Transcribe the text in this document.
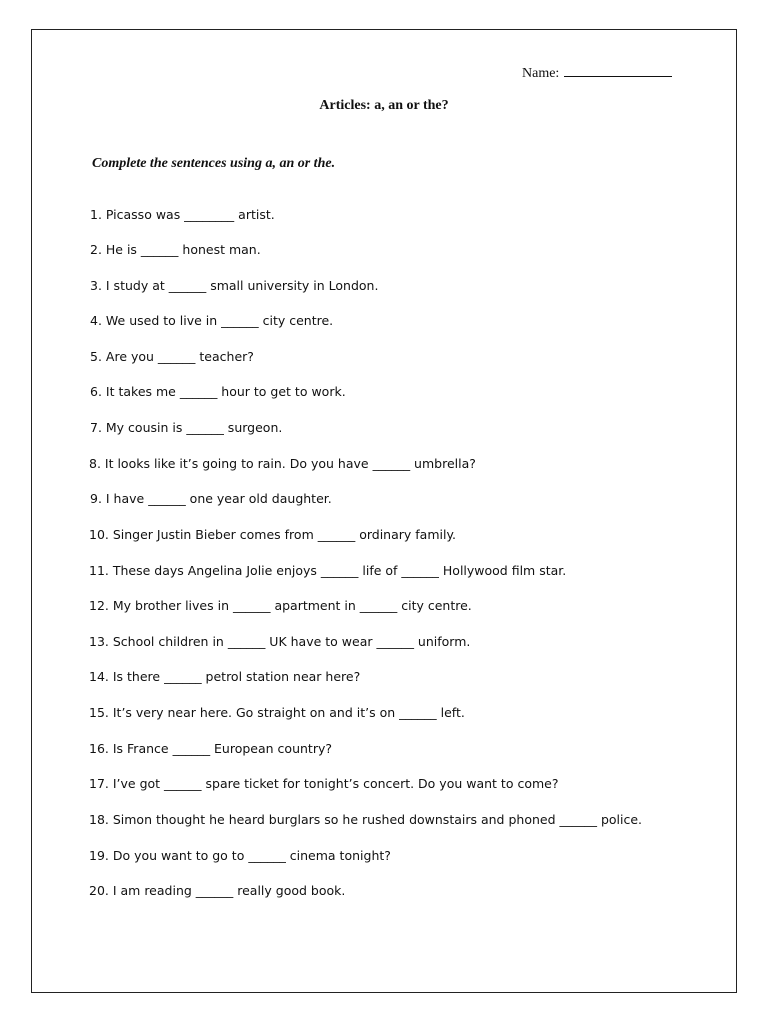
Name:
Articles: a, an or the?
Complete the sentences using a, an or the.
1. Picasso was ________ artist.
2. He is ______ honest man.
3. I study at ______ small university in London.
4. We used to live in ______ city centre.
5. Are you ______ teacher?
6. It takes me ______ hour to get to work.
7. My cousin is ______ surgeon.
8. It looks like it’s going to rain. Do you have ______ umbrella?
9. I have ______ one year old daughter.
10. Singer Justin Bieber comes from ______ ordinary family.
11. These days Angelina Jolie enjoys ______ life of ______ Hollywood film star.
12. My brother lives in ______ apartment in ______ city centre.
13. School children in ______ UK have to wear ______ uniform.
14. Is there ______ petrol station near here?
15. It’s very near here. Go straight on and it’s on ______ left.
16. Is France ______ European country?
17. I’ve got ______ spare ticket for tonight’s concert. Do you want to come?
18. Simon thought he heard burglars so he rushed downstairs and phoned ______ police.
19. Do you want to go to ______ cinema tonight?
20. I am reading ______ really good book.
